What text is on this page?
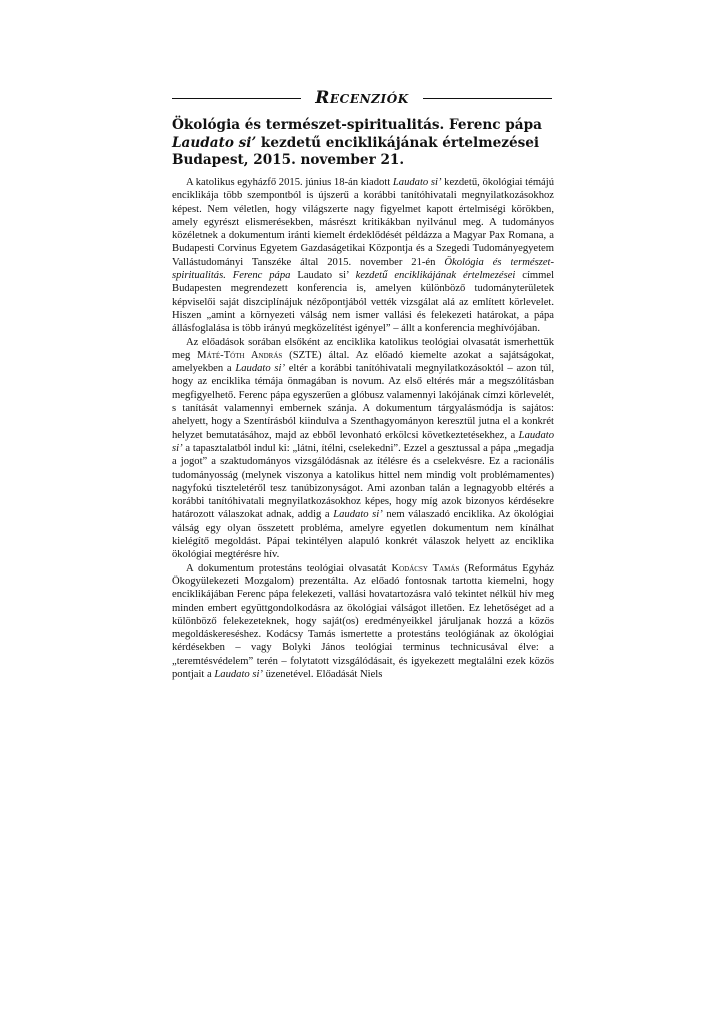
Recenziók
Ökológia és természet-spiritualitás. Ferenc pápa
Laudato si’ kezdetű enciklikájának értelmezései
Budapest, 2015. november 21.

A katolikus egyházfő 2015. június 18-án kiadott Laudato si’ kezdetű, ökológiai témájú enciklikája több szempontból is újszerű a korábbi tanítóhivatali megnyilatkozásokhoz képest. Nem véletlen, hogy világszerte nagy figyelmet kapott értelmiségi körökben, amely egyrészt elismerésekben, másrészt kritikákban nyilvánul meg. A tudományos közéletnek a dokumentum iránti kiemelt érdeklődését példázza a Magyar Pax Romana, a Budapesti Corvinus Egyetem Gazdaságetikai Központja és a Szegedi Tudományegyetem Vallástudományi Tanszéke által 2015. november 21-én Ökológia és természet-spiritualitás. Ferenc pápa Laudato si’ kezdetű enciklikájának értelmezései címmel Budapesten megrendezett konferencia is, amelyen különböző tudományterületek képviselői saját diszciplínájuk nézőpontjából vették vizsgálat alá az említett körlevelet. Hiszen „amint a környezeti válság nem ismer vallási és felekezeti határokat, a pápa állásfoglalása is több irányú megközelítést igényel” – állt a konferencia meghívójában.

Az előadások sorában elsőként az enciklika katolikus teológiai olvasatát ismerhettük meg Máté-Tóth András (SZTE) által. Az előadó kiemelte azokat a sajátságokat, amelyekben a Laudato si’ eltér a korábbi tanítóhivatali megnyilatkozásoktól – azon túl, hogy az enciklika témája önmagában is novum. Az első eltérés már a megszólításban megfigyelhető. Ferenc pápa egyszerűen a glóbusz valamennyi lakójának címzi körlevelét, s tanítását valamennyi embernek szánja. A dokumentum tárgyalásmódja is sajátos: ahelyett, hogy a Szentírásból kiindulva a Szenthagyományon keresztül jutna el a konkrét helyzet bemutatásához, majd az ebből levonható erkölcsi következtetésekhez, a Laudato si’ a tapasztalatból indul ki: „látni, ítélni, cselekedni”. Ezzel a gesztussal a pápa „megadja a jogot” a szaktudományos vizsgálódásnak az ítélésre és a cselekvésre. Ez a racionális tudományosság (melynek viszonya a katolikus hittel nem mindig volt problémamentes) nagyfokú tiszteletéről tesz tanúbizonyságot. Ami azonban talán a legnagyobb eltérés a korábbi tanítóhivatali megnyilatkozásokhoz képes, hogy míg azok bizonyos kérdésekre határozott válaszokat adnak, addig a Laudato si’ nem válaszadó enciklika. Az ökológiai válság egy olyan összetett probléma, amelyre egyetlen dokumentum nem kínálhat kielégítő megoldást. Pápai tekintélyen alapuló konkrét válaszok helyett az enciklika ökológiai megtérésre hív.

A dokumentum protestáns teológiai olvasatát Kodácsy Tamás (Református Egyház Ökogyülekezeti Mozgalom) prezentálta. Az előadó fontosnak tartotta kiemelni, hogy enciklikájában Ferenc pápa felekezeti, vallási hovatartozásra való tekintet nélkül hív meg minden embert együttgondolkodásra az ökológiai válságot illetően. Ez lehetőséget ad a különböző felekezeteknek, hogy saját(os) eredményeikkel járuljanak hozzá a közös megoldáskereséshez. Kodácsy Tamás ismertette a protestáns teológiának az ökológiai kérdésekben – vagy Bolyki János teológiai terminus technicusával élve: a „teremtésvédelem” terén – folytatott vizsgálódásait, és igyekezett megtalálni ezek közös pontjait a Laudato si’ üzenetével. Előadását Niels
